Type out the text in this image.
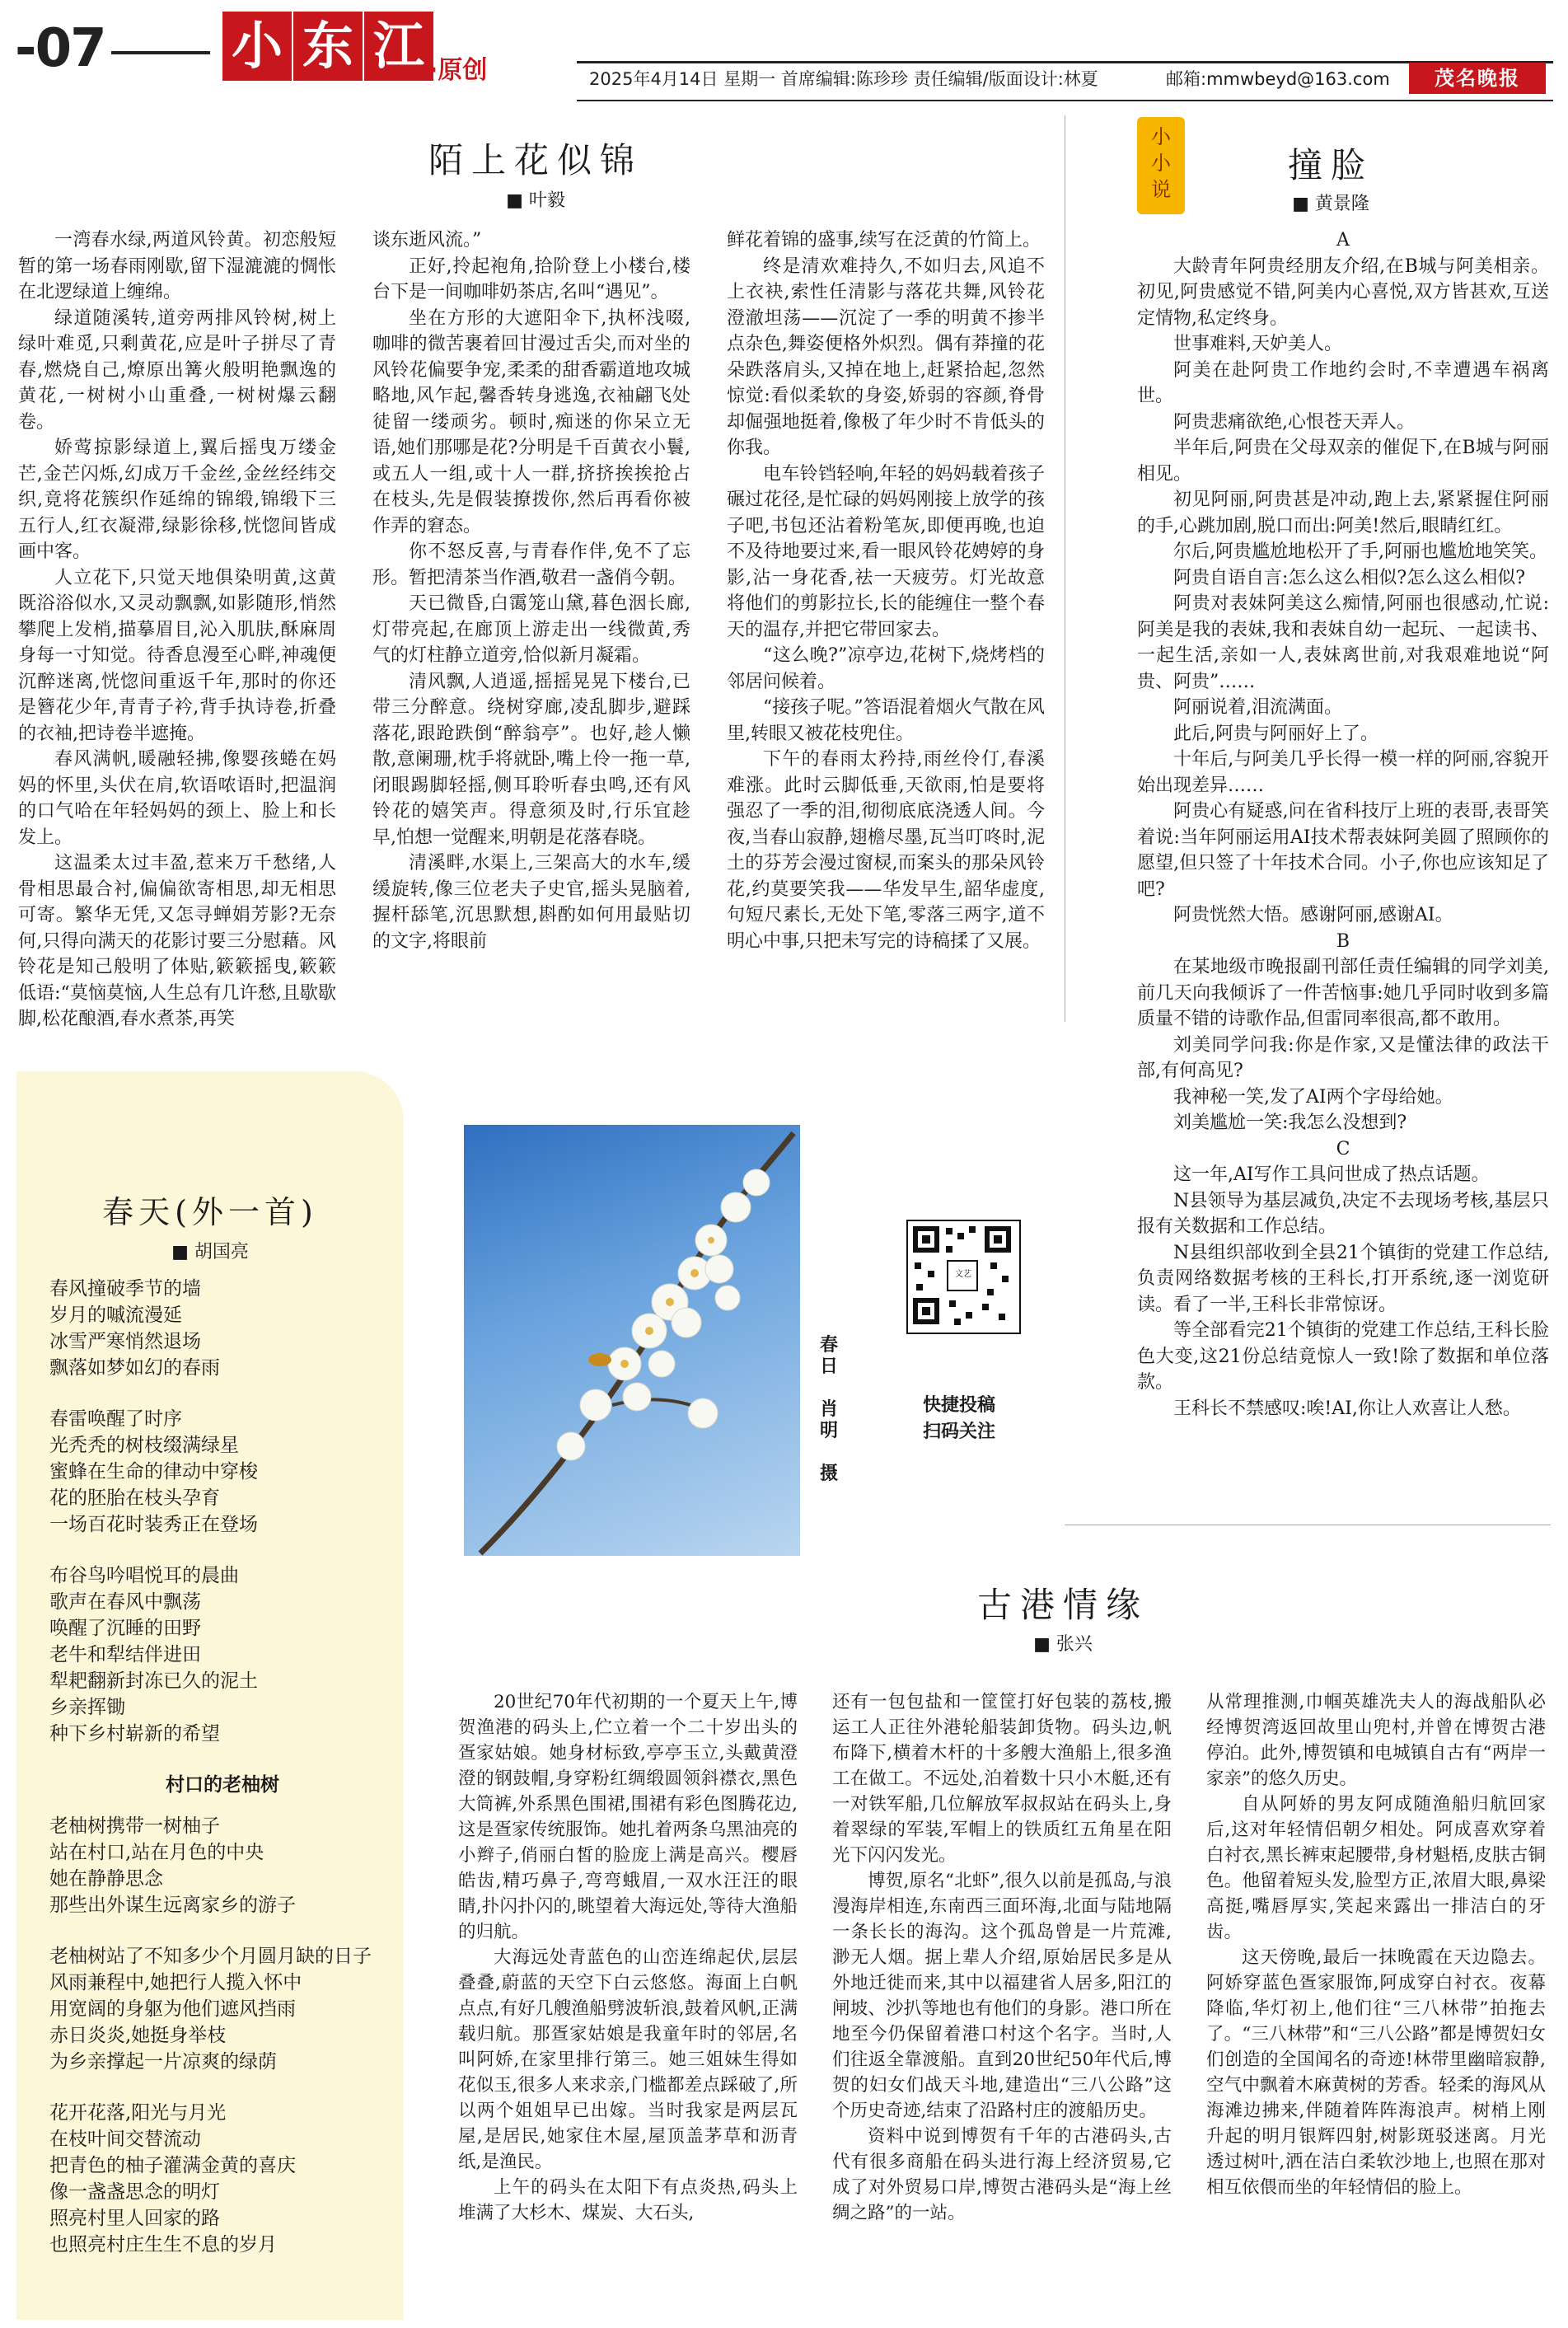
-07 小 东 江 ·原创	2025年4月14日 星期一 首席编辑:陈珍珍 责任编辑/版面设计:林夏	邮箱:mmwbeyd@163.com	茂名晚报
陌上花似锦
■ 叶毅

一湾春水绿,两道风铃黄。初恋般短暂的第一场春雨刚歇,留下湿漉漉的惆怅在北逻绿道上缠绵。

绿道随溪转,道旁两排风铃树,树上绿叶难觅,只剩黄花,应是叶子拼尽了青春,燃烧自己,燎原出篝火般明艳飘逸的黄花,一树树小山重叠,一树树爆云翻卷。

娇莺掠影绿道上,翼后摇曳万缕金芒,金芒闪烁,幻成万千金丝,金丝经纬交织,竟将花簇织作延绵的锦缎,锦缎下三五行人,红衣凝滞,绿影徐移,恍惚间皆成画中客。

人立花下,只觉天地俱染明黄,这黄既浴浴似水,又灵动飘飘,如影随形,悄然攀爬上发梢,描摹眉目,沁入肌肤,酥麻周身每一寸知觉。待香息漫至心畔,神魂便沉醉迷离,恍惚间重返千年,那时的你还是簪花少年,青青子衿,背手执诗卷,折叠的衣袖,把诗卷半遮掩。

春风满帆,暖融轻拂,像婴孩蜷在妈妈的怀里,头伏在肩,软语哝语时,把温润的口气哈在年轻妈妈的颈上、脸上和长发上。

这温柔太过丰盈,惹来万千愁绪,人骨相思最合衬,偏偏欲寄相思,却无相思可寄。繁华无凭,又怎寻蝉娟芳影?无奈何,只得向满天的花影讨要三分慰藉。风铃花是知己般明了体贴,簌簌摇曳,簌簌低语:“莫恼莫恼,人生总有几许愁,且歇歇脚,松花酿酒,春水煮茶,再笑

谈东逝风流。”

正好,拎起袍角,拾阶登上小楼台,楼台下是一间咖啡奶茶店,名叫“遇见”。

坐在方形的大遮阳伞下,执杯浅啜,咖啡的微苦裹着回甘漫过舌尖,而对坐的风铃花偏要争宠,柔柔的甜香霸道地攻城略地,风乍起,馨香转身逃逸,衣袖翩飞处徒留一缕顽劣。顿时,痴迷的你呆立无语,她们那哪是花?分明是千百黄衣小鬟,或五人一组,或十人一群,挤挤挨挨抢占在枝头,先是假装撩拨你,然后再看你被作弄的窘态。

你不怒反喜,与青春作伴,免不了忘形。暂把清茶当作酒,敬君一盏俏今朝。

天已微昏,白霭笼山黛,暮色洇长廊,灯带亮起,在廊顶上游走出一线微黄,秀气的灯柱静立道旁,恰似新月凝霜。

清风飘,人逍遥,摇摇晃晃下楼台,已带三分醉意。绕树穿廊,凌乱脚步,避踩落花,跟跄跌倒“醉翁亭”。也好,趁人懒散,意阑珊,枕手将就卧,嘴上伶一拖一草,闭眼踢脚轻摇,侧耳聆听春虫鸣,还有风铃花的嬉笑声。得意须及时,行乐宜趁早,怕想一觉醒来,明朝是花落春晓。

清溪畔,水渠上,三架高大的水车,缓缓旋转,像三位老夫子史官,摇头晃脑着,握杆舔笔,沉思默想,斟酌如何用最贴切的文字,将眼前

鲜花着锦的盛事,续写在泛黄的竹简上。

终是清欢难持久,不如归去,风追不上衣袂,索性任清影与落花共舞,风铃花澄澈坦荡——沉淀了一季的明黄不掺半点杂色,舞姿便格外炽烈。偶有莽撞的花朵跌落肩头,又掉在地上,赶紧拾起,忽然惊觉:看似柔软的身姿,娇弱的容颜,脊骨却倔强地挺着,像极了年少时不肯低头的你我。

电车铃铛轻响,年轻的妈妈载着孩子碾过花径,是忙碌的妈妈刚接上放学的孩子吧,书包还沾着粉笔灰,即便再晚,也迫不及待地要过来,看一眼风铃花娉婷的身影,沾一身花香,祛一天疲劳。灯光故意将他们的剪影拉长,长的能缠住一整个春天的温存,并把它带回家去。

“这么晚?”凉亭边,花树下,烧烤档的邻居问候着。

“接孩子呢。”答语混着烟火气散在风里,转眼又被花枝兜住。

下午的春雨太矜持,雨丝伶仃,春溪难涨。此时云脚低垂,天欲雨,怕是要将强忍了一季的泪,彻彻底底浇透人间。今夜,当春山寂静,翅檐尽墨,瓦当叮咚时,泥土的芬芳会漫过窗棂,而案头的那朵风铃花,约莫要笑我——华发早生,韶华虚度,句短尺素长,无处下笔,零落三两字,道不明心中事,只把未写完的诗稿揉了又展。

春天(外一首)
■ 胡国亮
春风撞破季节的墙
岁月的嘁流漫延
冰雪严寒悄然退场
飘落如梦如幻的春雨
春雷唤醒了时序
光秃秃的树枝缀满绿星
蜜蜂在生命的律动中穿梭
花的胚胎在枝头孕育
一场百花时装秀正在登场
布谷鸟吟唱悦耳的晨曲
歌声在春风中飘荡
唤醒了沉睡的田野
老牛和犁结伴进田
犁耙翻新封冻已久的泥土
乡亲挥锄
种下乡村崭新的希望
村口的老柚树
老柚树携带一树柚子
站在村口,站在月色的中央
她在静静思念
那些出外谋生远离家乡的游子
老柚树站了不知多少个月圆月缺的日子
风雨兼程中,她把行人揽入怀中
用宽阔的身躯为他们遮风挡雨
赤日炎炎,她挺身举枝
为乡亲撑起一片凉爽的绿荫
花开花落,阳光与月光
在枝叶间交替流动
把青色的柚子灌满金黄的喜庆
像一盏盏思念的明灯
照亮村里人回家的路
也照亮村庄生生不息的岁月
春
日

肖
明

摄
文艺
快捷投稿
扫码关注
小
小
说
撞脸
■ 黄景隆

A

大龄青年阿贵经朋友介绍,在B城与阿美相亲。初见,阿贵感觉不错,阿美内心喜悦,双方皆甚欢,互送定情物,私定终身。

世事难料,天妒美人。

阿美在赴阿贵工作地约会时,不幸遭遇车祸离世。

阿贵悲痛欲绝,心恨苍天弄人。

半年后,阿贵在父母双亲的催促下,在B城与阿丽相见。

初见阿丽,阿贵甚是冲动,跑上去,紧紧握住阿丽的手,心跳加剧,脱口而出:阿美!然后,眼睛红红。

尔后,阿贵尴尬地松开了手,阿丽也尴尬地笑笑。

阿贵自语自言:怎么这么相似?怎么这么相似?

阿贵对表妹阿美这么痴情,阿丽也很感动,忙说:阿美是我的表妹,我和表妹自幼一起玩、一起读书、一起生活,亲如一人,表妹离世前,对我艰难地说“阿贵、阿贵”……

阿丽说着,泪流满面。

此后,阿贵与阿丽好上了。

十年后,与阿美几乎长得一模一样的阿丽,容貌开始出现差异……

阿贵心有疑惑,问在省科技厅上班的表哥,表哥笑着说:当年阿丽运用AI技术帮表妹阿美圆了照顾你的愿望,但只签了十年技术合同。小子,你也应该知足了吧?

阿贵恍然大悟。感谢阿丽,感谢AI。

B

在某地级市晚报副刊部任责任编辑的同学刘美,前几天向我倾诉了一件苦恼事:她几乎同时收到多篇质量不错的诗歌作品,但雷同率很高,都不敢用。

刘美同学问我:你是作家,又是懂法律的政法干部,有何高见?

我神秘一笑,发了AI两个字母给她。

刘美尴尬一笑:我怎么没想到?

C

这一年,AI写作工具问世成了热点话题。

N县领导为基层减负,决定不去现场考核,基层只报有关数据和工作总结。

N县组织部收到全县21个镇街的党建工作总结,负责网络数据考核的王科长,打开系统,逐一浏览研读。看了一半,王科长非常惊讶。

等全部看完21个镇街的党建工作总结,王科长脸色大变,这21份总结竟惊人一致!除了数据和单位落款。

王科长不禁感叹:唉!AI,你让人欢喜让人愁。

古港情缘
■ 张兴

20世纪70年代初期的一个夏天上午,博贺渔港的码头上,伫立着一个二十岁出头的疍家姑娘。她身材标致,亭亭玉立,头戴黄澄澄的钢鼓帽,身穿粉红绸缎圆领斜襟衣,黑色大筒裤,外系黑色围裙,围裙有彩色图腾花边,这是疍家传统服饰。她扎着两条乌黑油亮的小辫子,俏丽白皙的脸庞上满是高兴。樱唇皓齿,精巧鼻子,弯弯蛾眉,一双水汪汪的眼睛,扑闪扑闪的,眺望着大海远处,等待大渔船的归航。

大海远处青蓝色的山峦连绵起伏,层层叠叠,蔚蓝的天空下白云悠悠。海面上白帆点点,有好几艘渔船劈波斩浪,鼓着风帆,正满载归航。那疍家姑娘是我童年时的邻居,名叫阿娇,在家里排行第三。她三姐妹生得如花似玉,很多人来求亲,门槛都差点踩破了,所以两个姐姐早已出嫁。当时我家是两层瓦屋,是居民,她家住木屋,屋顶盖茅草和沥青纸,是渔民。

上午的码头在太阳下有点炎热,码头上堆满了大杉木、煤炭、大石头,

还有一包包盐和一筐筐打好包装的荔枝,搬运工人正往外港轮船装卸货物。码头边,帆布降下,横着木杆的十多艘大渔船上,很多渔工在做工。不远处,泊着数十只小木艇,还有一对铁军船,几位解放军叔叔站在码头上,身着翠绿的军装,军帽上的铁质红五角星在阳光下闪闪发光。

博贺,原名“北虾”,很久以前是孤岛,与浪漫海岸相连,东南西三面环海,北面与陆地隔一条长长的海沟。这个孤岛曾是一片荒滩,渺无人烟。据上辈人介绍,原始居民多是从外地迁徙而来,其中以福建省人居多,阳江的闸坡、沙扒等地也有他们的身影。港口所在地至今仍保留着港口村这个名字。当时,人们往返全靠渡船。直到20世纪50年代后,博贺的妇女们战天斗地,建造出“三八公路”这个历史奇迹,结束了沿路村庄的渡船历史。

资料中说到博贺有千年的古港码头,古代有很多商船在码头进行海上经济贸易,它成了对外贸易口岸,博贺古港码头是“海上丝绸之路”的一站。

从常理推测,巾帼英雄冼夫人的海战船队必经博贺湾返回故里山兜村,并曾在博贺古港停泊。此外,博贺镇和电城镇自古有“两岸一家亲”的悠久历史。

自从阿娇的男友阿成随渔船归航回家后,这对年轻情侣朝夕相处。阿成喜欢穿着白衬衣,黑长裤束起腰带,身材魁梧,皮肤古铜色。他留着短头发,脸型方正,浓眉大眼,鼻梁高挺,嘴唇厚实,笑起来露出一排洁白的牙齿。

这天傍晚,最后一抹晚霞在天边隐去。阿娇穿蓝色疍家服饰,阿成穿白衬衣。夜幕降临,华灯初上,他们往“三八林带”拍拖去了。“三八林带”和“三八公路”都是博贺妇女们创造的全国闻名的奇迹!林带里幽暗寂静,空气中飘着木麻黄树的芳香。轻柔的海风从海滩边拂来,伴随着阵阵海浪声。树梢上刚升起的明月银辉四射,树影斑驳迷离。月光透过树叶,洒在洁白柔软沙地上,也照在那对相互依偎而坐的年轻情侣的脸上。
